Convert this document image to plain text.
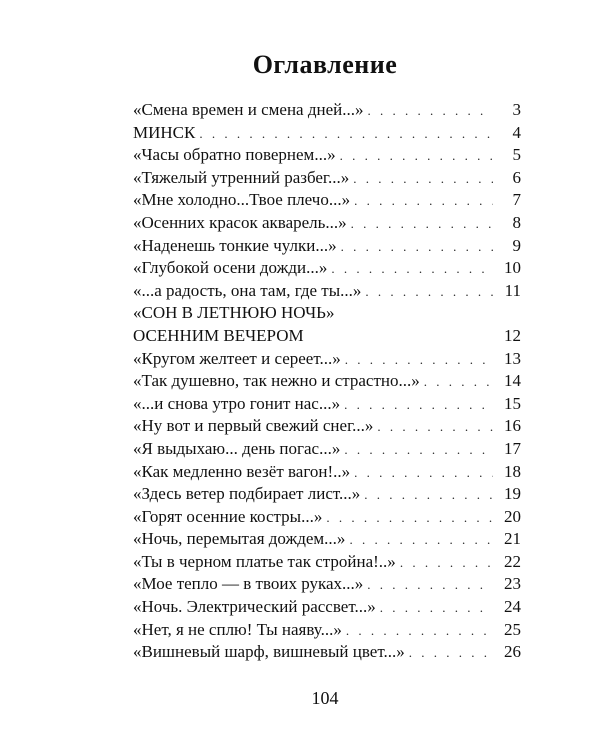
Оглавление
«Смена времен и смена дней...» . . .	3
МИНСК . . .	4
«Часы обратно повернем...» . . .	5
«Тяжелый утренний разбег...» . . .	6
«Мне холодно...Твое плечо...» . . .	7
«Осенних красок акварель...» . . .	8
«Наденешь тонкие чулки...» . . .	9
«Глубокой осени дожди...» . . .	10
«...а радость, она там, где ты...» . . .	11
«СОН В ЛЕТНЮЮ НОЧЬ»
ОСЕННИМ ВЕЧЕРОМ	12
«Кругом желтеет и сереет...» . . .	13
«Так душевно, так нежно и страстно...» . . .	14
«...и снова утро гонит нас...» . . .	15
«Ну вот и первый свежий снег...» . . .	16
«Я выдыхаю... день погас...» . . .	17
«Как медленно везёт вагон!..» . . .	18
«Здесь ветер подбирает лист...» . . .	19
«Горят осенние костры...» . . .	20
«Ночь, перемытая дождем...» . . .	21
«Ты в черном платье так стройна!..» . . .	22
«Мое тепло — в твоих руках...» . . .	23
«Ночь. Электрический рассвет...» . . .	24
«Нет, я не сплю! Ты наяву...» . . .	25
«Вишневый шарф, вишневый цвет...» . . .	26
104
